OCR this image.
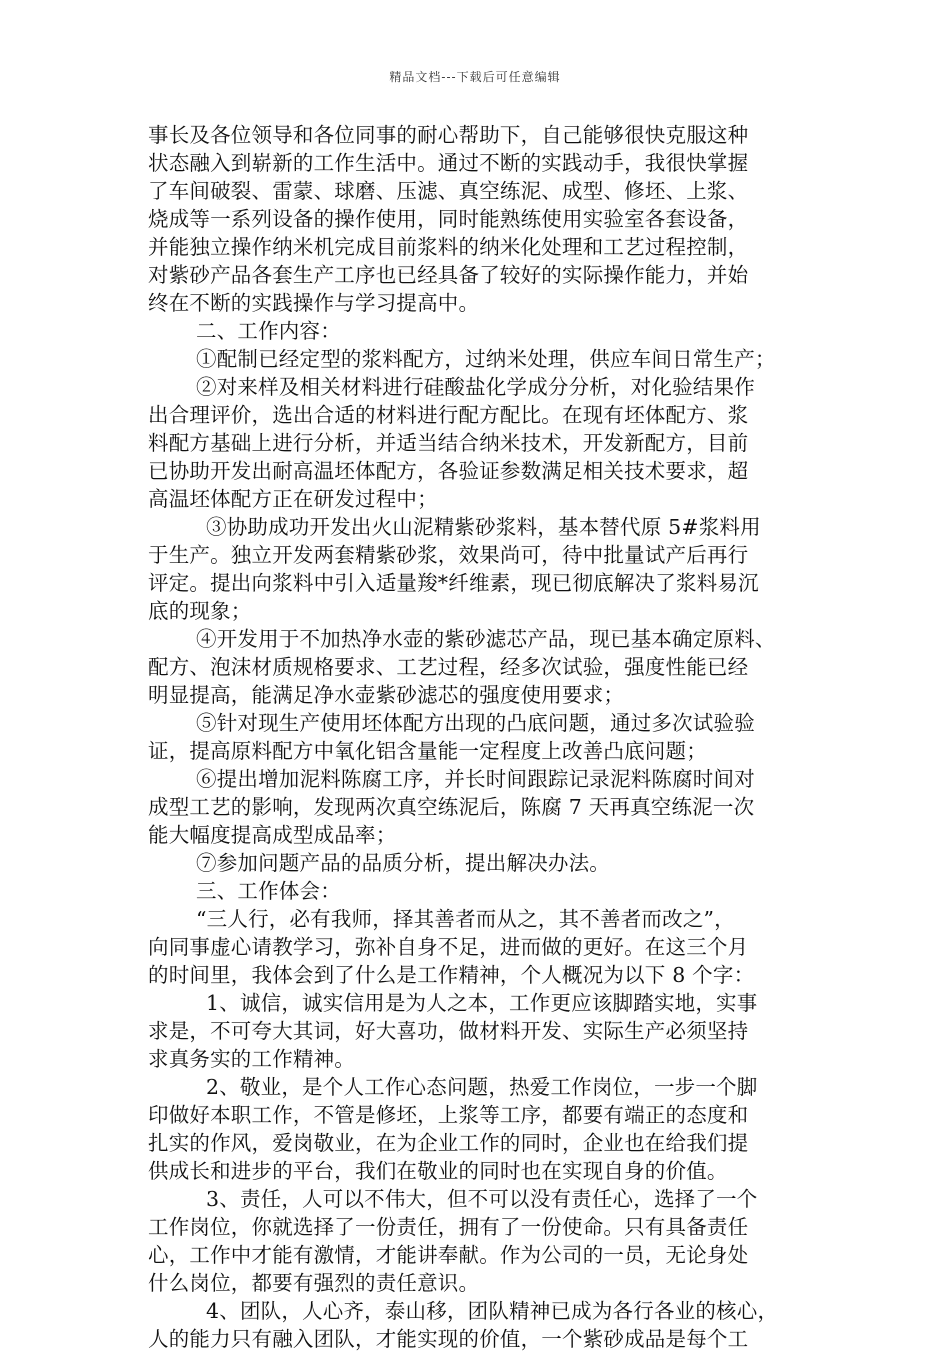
精品文档---下载后可任意编辑
事长及各位领导和各位同事的耐心帮助下，自己能够很快克服这种
状态融入到崭新的工作生活中。通过不断的实践动手，我很快掌握
了车间破裂、雷蒙、球磨、压滤、真空练泥、成型、修坯、上浆、
烧成等一系列设备的操作使用，同时能熟练使用实验室各套设备，
并能独立操作纳米机完成目前浆料的纳米化处理和工艺过程控制，
对紫砂产品各套生产工序也已经具备了较好的实际操作能力，并始
终在不断的实践操作与学习提高中。
二、工作内容：
①配制已经定型的浆料配方，过纳米处理，供应车间日常生产；
②对来样及相关材料进行硅酸盐化学成分分析，对化验结果作
出合理评价，选出合适的材料进行配方配比。在现有坯体配方、浆
料配方基础上进行分析，并适当结合纳米技术，开发新配方，目前
已协助开发出耐高温坯体配方，各验证参数满足相关技术要求，超
高温坯体配方正在研发过程中；
③协助成功开发出火山泥精紫砂浆料，基本替代原 5#浆料用
于生产。独立开发两套精紫砂浆，效果尚可，待中批量试产后再行
评定。提出向浆料中引入适量羧*纤维素，现已彻底解决了浆料易沉
底的现象；
④开发用于不加热净水壶的紫砂滤芯产品，现已基本确定原料、
配方、泡沫材质规格要求、工艺过程，经多次试验，强度性能已经
明显提高，能满足净水壶紫砂滤芯的强度使用要求；
⑤针对现生产使用坯体配方出现的凸底问题，通过多次试验验
证，提高原料配方中氧化铝含量能一定程度上改善凸底问题；
⑥提出增加泥料陈腐工序，并长时间跟踪记录泥料陈腐时间对
成型工艺的影响，发现两次真空练泥后，陈腐 7 天再真空练泥一次
能大幅度提高成型成品率；
⑦参加问题产品的品质分析，提出解决办法。
三、工作体会：
“三人行，必有我师，择其善者而从之，其不善者而改之”，
向同事虚心请教学习，弥补自身不足，进而做的更好。在这三个月
的时间里，我体会到了什么是工作精神，个人概况为以下 8 个字：
1、诚信，诚实信用是为人之本，工作更应该脚踏实地，实事
求是，不可夸大其词，好大喜功，做材料开发、实际生产必须坚持
求真务实的工作精神。
2、敬业，是个人工作心态问题，热爱工作岗位，一步一个脚
印做好本职工作，不管是修坯，上浆等工序，都要有端正的态度和
扎实的作风，爱岗敬业，在为企业工作的同时，企业也在给我们提
供成长和进步的平台，我们在敬业的同时也在实现自身的价值。
3、责任，人可以不伟大，但不可以没有责任心，选择了一个
工作岗位，你就选择了一份责任，拥有了一份使命。只有具备责任
心，工作中才能有激情，才能讲奉献。作为公司的一员，无论身处
什么岗位，都要有强烈的责任意识。
4、团队，人心齐，泰山移，团队精神已成为各行各业的核心，
人的能力只有融入团队，才能实现的价值，一个紫砂成品是每个工
